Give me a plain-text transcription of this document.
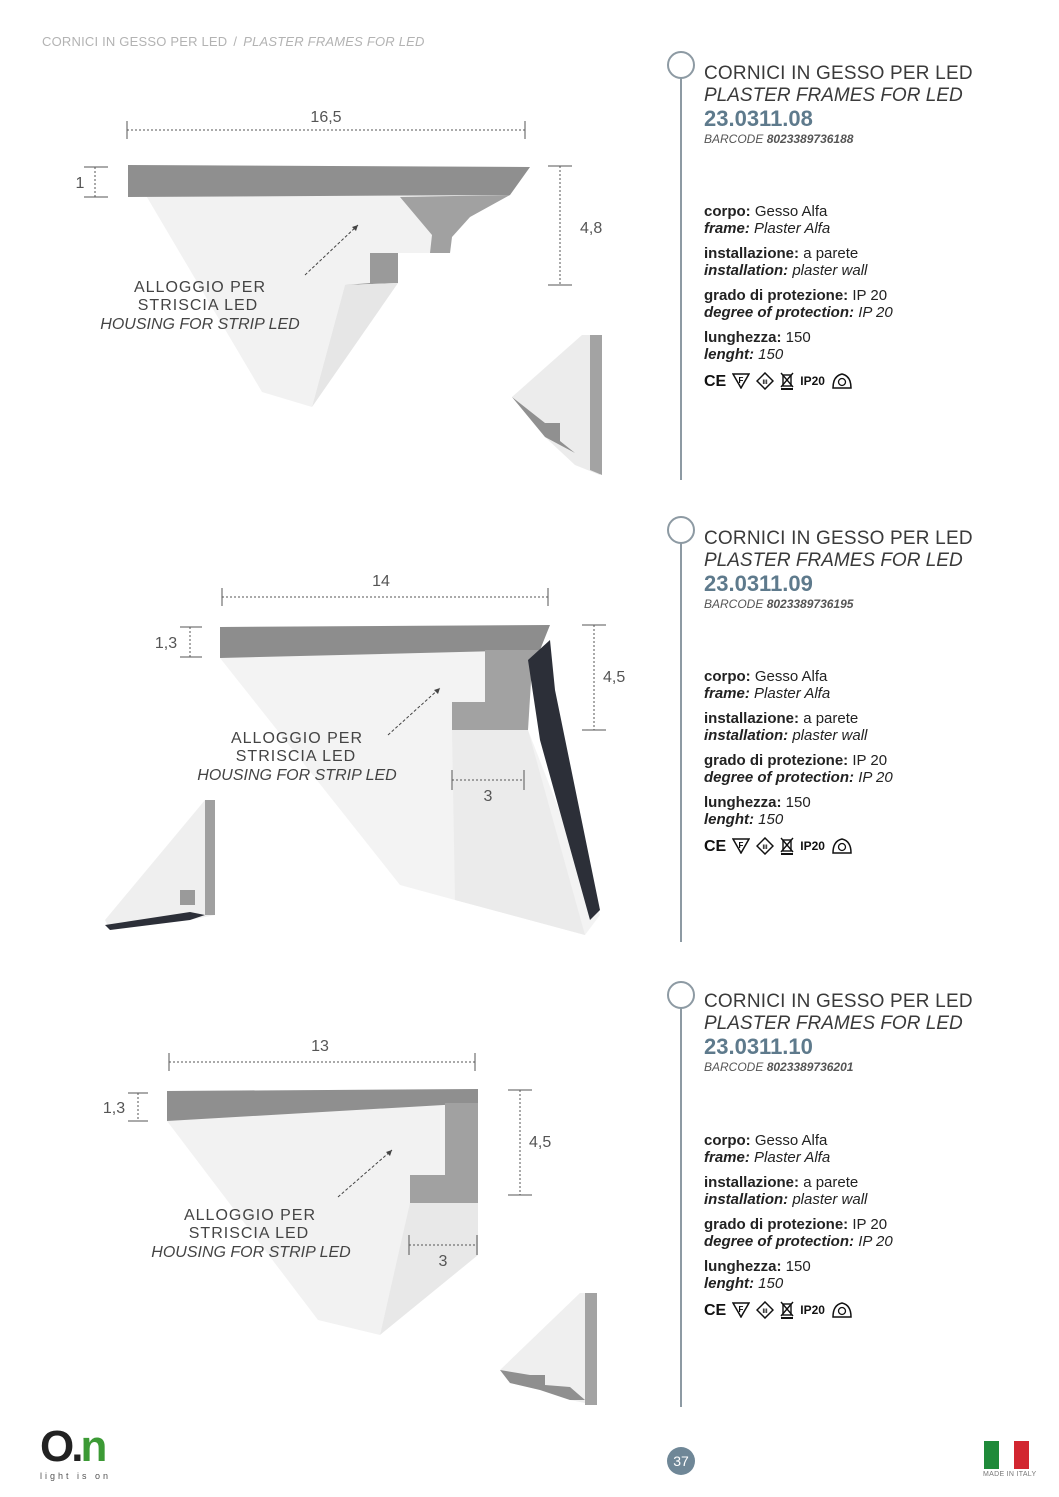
CORNICI IN GESSO PER LED / PLASTER FRAMES FOR LED
16,5
1
4,8
ALLOGGIO PER
STRISCIA LED
HOUSING FOR STRIP LED
CORNICI IN GESSO PER LED
PLASTER FRAMES FOR LED
23.0311.08
BARCODE 8023389736188
corpo: Gesso Alfa
frame: Plaster Alfa
installazione: a parete
installation: plaster wall
grado di protezione: IP 20
degree of protection: IP 20
lunghezza: 150
lenght: 150
CE F	III	IP20
14
1,3
4,5
3
ALLOGGIO PER
STRISCIA LED
HOUSING FOR STRIP LED
CORNICI IN GESSO PER LED
PLASTER FRAMES FOR LED
23.0311.09
BARCODE 8023389736195
corpo: Gesso Alfa
frame: Plaster Alfa
installazione: a parete
installation: plaster wall
grado di protezione: IP 20
degree of protection: IP 20
lunghezza: 150
lenght: 150
CE F	III	IP20
13
1,3
4,5
3
ALLOGGIO PER
STRISCIA LED
HOUSING FOR STRIP LED
CORNICI IN GESSO PER LED
PLASTER FRAMES FOR LED
23.0311.10
BARCODE 8023389736201
corpo: Gesso Alfa
frame: Plaster Alfa
installazione: a parete
installation: plaster wall
grado di protezione: IP 20
degree of protection: IP 20
lunghezza: 150
lenght: 150
CE F	III	IP20
O.n
light is on
37
MADE IN ITALY
